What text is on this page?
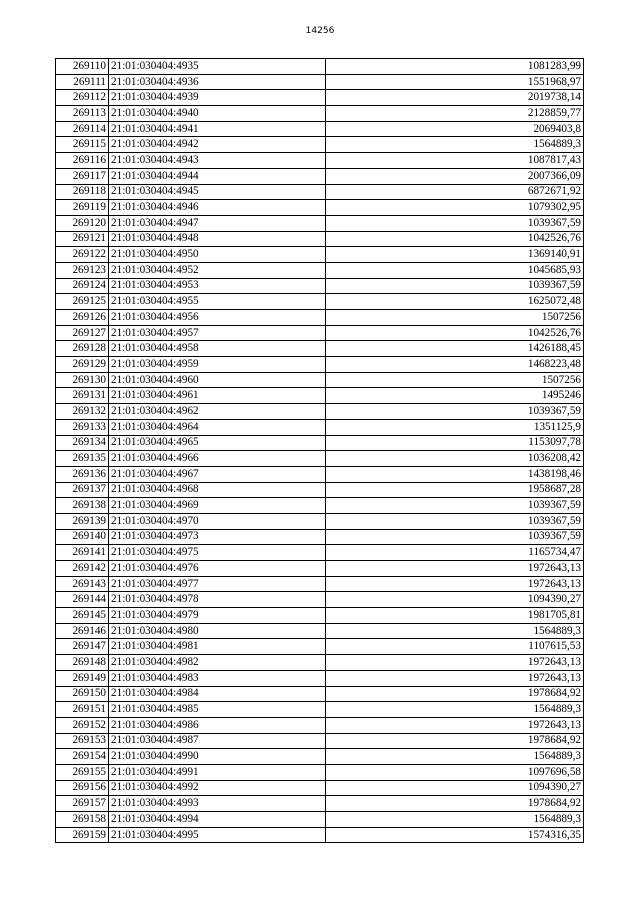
14256
269110	21:01:030404:4935	1081283,99
269111	21:01:030404:4936	1551968,97
269112	21:01:030404:4939	2019738,14
269113	21:01:030404:4940	2128859,77
269114	21:01:030404:4941	2069403,8
269115	21:01:030404:4942	1564889,3
269116	21:01:030404:4943	1087817,43
269117	21:01:030404:4944	2007366,09
269118	21:01:030404:4945	6872671,92
269119	21:01:030404:4946	1079302,95
269120	21:01:030404:4947	1039367,59
269121	21:01:030404:4948	1042526,76
269122	21:01:030404:4950	1369140,91
269123	21:01:030404:4952	1045685,93
269124	21:01:030404:4953	1039367,59
269125	21:01:030404:4955	1625072,48
269126	21:01:030404:4956	1507256
269127	21:01:030404:4957	1042526,76
269128	21:01:030404:4958	1426188,45
269129	21:01:030404:4959	1468223,48
269130	21:01:030404:4960	1507256
269131	21:01:030404:4961	1495246
269132	21:01:030404:4962	1039367,59
269133	21:01:030404:4964	1351125,9
269134	21:01:030404:4965	1153097,78
269135	21:01:030404:4966	1036208,42
269136	21:01:030404:4967	1438198,46
269137	21:01:030404:4968	1958687,28
269138	21:01:030404:4969	1039367,59
269139	21:01:030404:4970	1039367,59
269140	21:01:030404:4973	1039367,59
269141	21:01:030404:4975	1165734,47
269142	21:01:030404:4976	1972643,13
269143	21:01:030404:4977	1972643,13
269144	21:01:030404:4978	1094390,27
269145	21:01:030404:4979	1981705,81
269146	21:01:030404:4980	1564889,3
269147	21:01:030404:4981	1107615,53
269148	21:01:030404:4982	1972643,13
269149	21:01:030404:4983	1972643,13
269150	21:01:030404:4984	1978684,92
269151	21:01:030404:4985	1564889,3
269152	21:01:030404:4986	1972643,13
269153	21:01:030404:4987	1978684,92
269154	21:01:030404:4990	1564889,3
269155	21:01:030404:4991	1097696,58
269156	21:01:030404:4992	1094390,27
269157	21:01:030404:4993	1978684,92
269158	21:01:030404:4994	1564889,3
269159	21:01:030404:4995	1574316,35
